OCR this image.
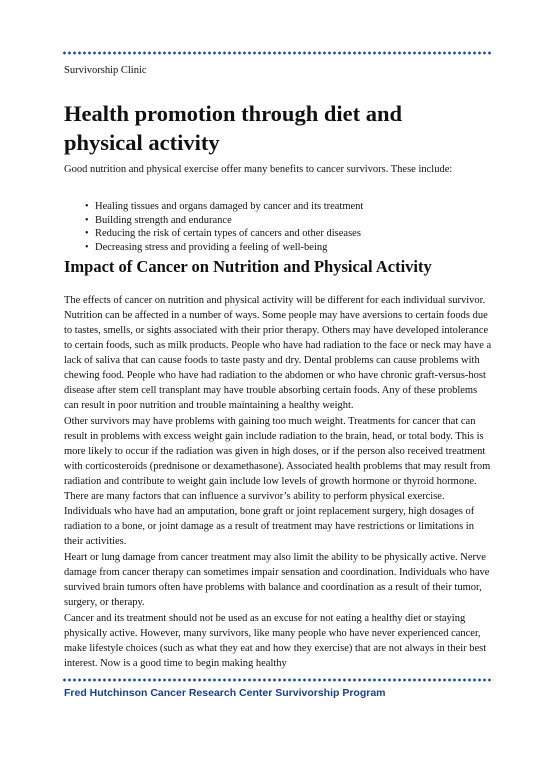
Survivorship Clinic
Health promotion through diet and physical activity

Good nutrition and physical exercise offer many benefits to cancer survivors. These include:

• Healing tissues and organs damaged by cancer and its treatment
• Building strength and endurance
• Reducing the risk of certain types of cancers and other diseases
• Decreasing stress and providing a feeling of well-being
Impact of Cancer on Nutrition and Physical Activity

The effects of cancer on nutrition and physical activity will be different for each individual survivor. Nutrition can be affected in a number of ways. Some people may have aversions to certain foods due to tastes, smells, or sights associated with their prior therapy. Others may have developed intolerance to certain foods, such as milk products. People who have had radiation to the face or neck may have a lack of saliva that can cause foods to taste pasty and dry. Dental problems can cause problems with chewing food. People who have had radiation to the abdomen or who have chronic graft-versus-host disease after stem cell transplant may have trouble absorbing certain foods. Any of these problems can result in poor nutrition and trouble maintaining a healthy weight.

Other survivors may have problems with gaining too much weight. Treatments for cancer that can result in problems with excess weight gain include radiation to the brain, head, or total body. This is more likely to occur if the radiation was given in high doses, or if the person also received treatment with corticosteroids (prednisone or dexamethasone). Associated health problems that may result from radiation and contribute to weight gain include low levels of growth hormone or thyroid hormone. There are many factors that can influence a survivor’s ability to perform physical exercise. Individuals who have had an amputation, bone graft or joint replacement surgery, high dosages of radiation to a bone, or joint damage as a result of treatment may have restrictions or limitations in their activities.

Heart or lung damage from cancer treatment may also limit the ability to be physically active. Nerve damage from cancer therapy can sometimes impair sensation and coordination. Individuals who have survived brain tumors often have problems with balance and coordination as a result of their tumor, surgery, or therapy.

Cancer and its treatment should not be used as an excuse for not eating a healthy diet or staying physically active. However, many survivors, like many people who have never experienced cancer, make lifestyle choices (such as what they eat and how they exercise) that are not always in their best interest. Now is a good time to begin making healthy

Fred Hutchinson Cancer Research Center Survivorship Program
